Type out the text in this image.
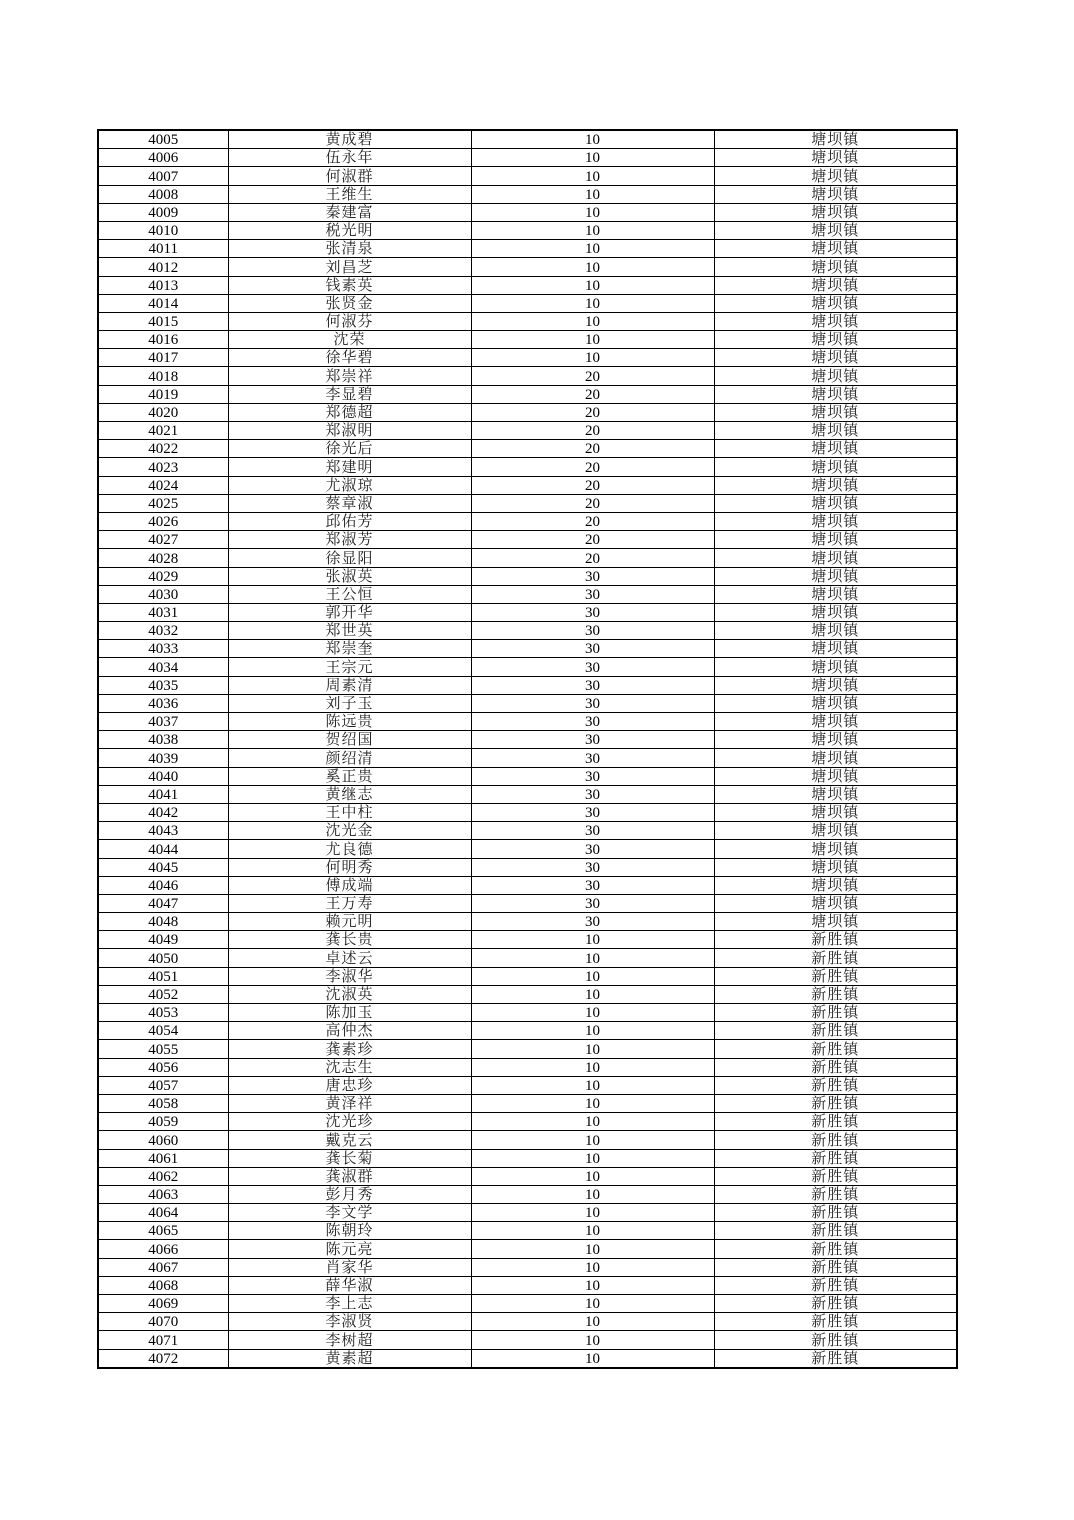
4005	黄成碧	10	塘坝镇
4006	伍永年	10	塘坝镇
4007	何淑群	10	塘坝镇
4008	王维生	10	塘坝镇
4009	秦建富	10	塘坝镇
4010	税光明	10	塘坝镇
4011	张清泉	10	塘坝镇
4012	刘昌芝	10	塘坝镇
4013	钱素英	10	塘坝镇
4014	张贤金	10	塘坝镇
4015	何淑芬	10	塘坝镇
4016	沈荣	10	塘坝镇
4017	徐华碧	10	塘坝镇
4018	郑崇祥	20	塘坝镇
4019	李显碧	20	塘坝镇
4020	郑德超	20	塘坝镇
4021	郑淑明	20	塘坝镇
4022	徐光后	20	塘坝镇
4023	郑建明	20	塘坝镇
4024	尤淑琼	20	塘坝镇
4025	蔡章淑	20	塘坝镇
4026	邱佑芳	20	塘坝镇
4027	郑淑芳	20	塘坝镇
4028	徐显阳	20	塘坝镇
4029	张淑英	30	塘坝镇
4030	王公恒	30	塘坝镇
4031	郭开华	30	塘坝镇
4032	郑世英	30	塘坝镇
4033	郑崇奎	30	塘坝镇
4034	王宗元	30	塘坝镇
4035	周素清	30	塘坝镇
4036	刘子玉	30	塘坝镇
4037	陈远贵	30	塘坝镇
4038	贺绍国	30	塘坝镇
4039	颜绍清	30	塘坝镇
4040	奚正贵	30	塘坝镇
4041	黄继志	30	塘坝镇
4042	王中柱	30	塘坝镇
4043	沈光金	30	塘坝镇
4044	尤良德	30	塘坝镇
4045	何明秀	30	塘坝镇
4046	傅成端	30	塘坝镇
4047	王万寿	30	塘坝镇
4048	赖元明	30	塘坝镇
4049	龚长贵	10	新胜镇
4050	卓述云	10	新胜镇
4051	李淑华	10	新胜镇
4052	沈淑英	10	新胜镇
4053	陈加玉	10	新胜镇
4054	高仲杰	10	新胜镇
4055	龚素珍	10	新胜镇
4056	沈志生	10	新胜镇
4057	唐忠珍	10	新胜镇
4058	黄泽祥	10	新胜镇
4059	沈光珍	10	新胜镇
4060	戴克云	10	新胜镇
4061	龚长菊	10	新胜镇
4062	龚淑群	10	新胜镇
4063	彭月秀	10	新胜镇
4064	李文学	10	新胜镇
4065	陈朝玲	10	新胜镇
4066	陈元亮	10	新胜镇
4067	肖家华	10	新胜镇
4068	薛华淑	10	新胜镇
4069	李上志	10	新胜镇
4070	李淑贤	10	新胜镇
4071	李树超	10	新胜镇
4072	黄素超	10	新胜镇
